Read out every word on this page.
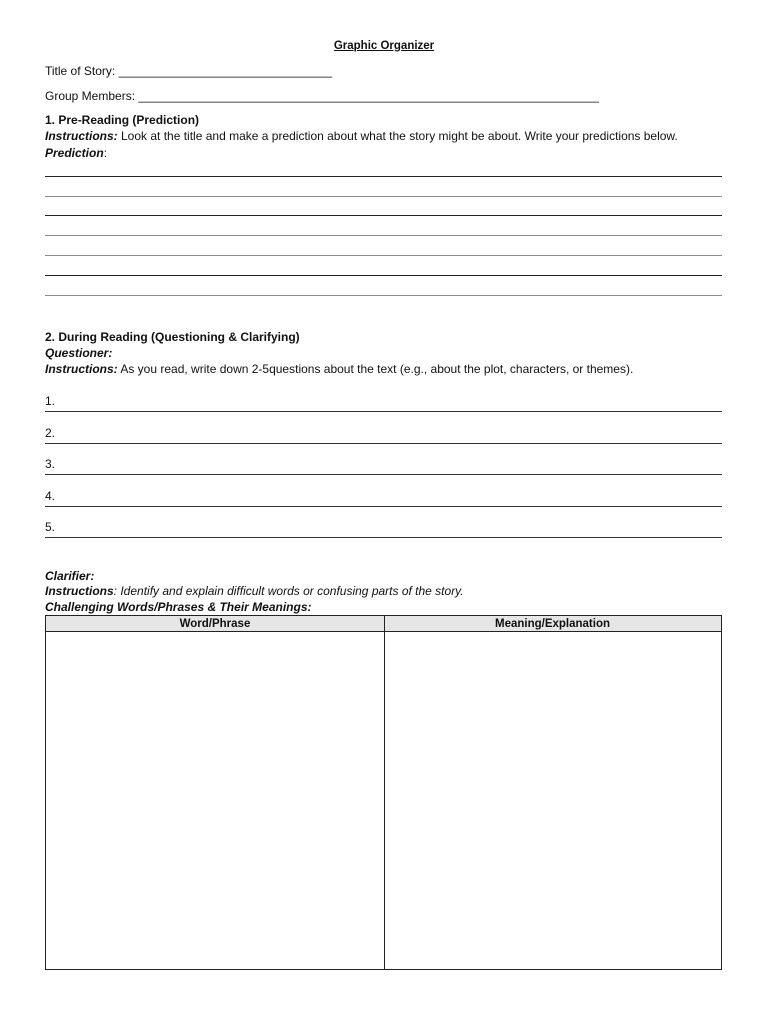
Graphic Organizer
Title of Story: ________________________________
Group Members: _____________________________________________________________________
1. Pre-Reading (Prediction)
Instructions: Look at the title and make a prediction about what the story might be about. Write your predictions below.
Prediction:
2. During Reading (Questioning & Clarifying)
Questioner:
Instructions: As you read, write down 2-5questions about the text (e.g., about the plot, characters, or themes).
1.
2.
3.
4.
5.
Clarifier:
Instructions: Identify and explain difficult words or confusing parts of the story.
Challenging Words/Phrases & Their Meanings:
Word/Phrase	Meaning/Explanation
